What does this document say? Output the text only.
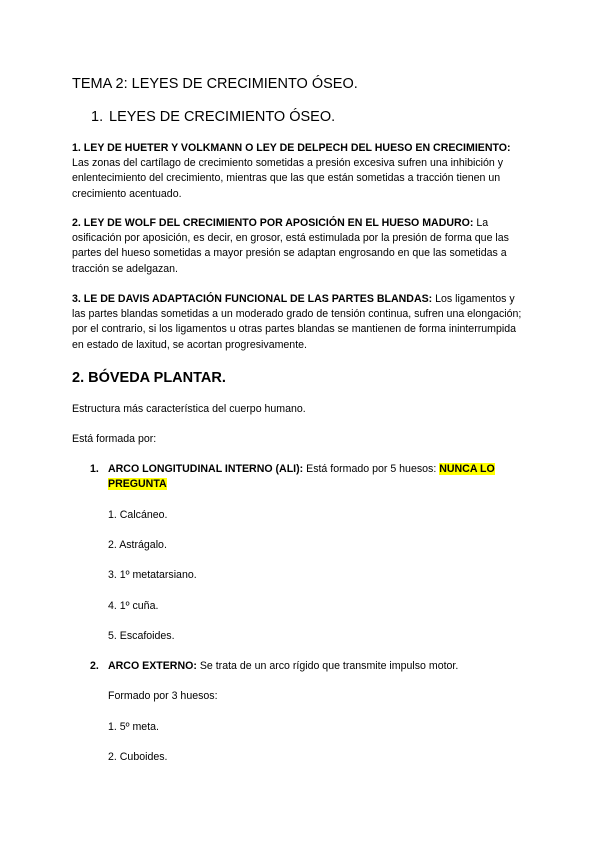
TEMA 2: LEYES DE CRECIMIENTO ÓSEO.
1. LEYES DE CRECIMIENTO ÓSEO.
1. LEY DE HUETER Y VOLKMANN O LEY DE DELPECH DEL HUESO EN CRECIMIENTO: Las zonas del cartílago de crecimiento sometidas a presión excesiva sufren una inhibición y enlentecimiento del crecimiento, mientras que las que están sometidas a tracción tienen un crecimiento acentuado.
2. LEY DE WOLF DEL CRECIMIENTO POR APOSICIÓN EN EL HUESO MADURO: La osificación por aposición, es decir, en grosor, está estimulada por la presión de forma que las partes del hueso sometidas a mayor presión se adaptan engrosando en que las sometidas a tracción se adelgazan.
3. LE DE DAVIS ADAPTACIÓN FUNCIONAL DE LAS PARTES BLANDAS: Los ligamentos y las partes blandas sometidas a un moderado grado de tensión continua, sufren una elongación; por el contrario, si los ligamentos u otras partes blandas se mantienen de forma ininterrumpida en estado de laxitud, se acortan progresivamente.
2. BÓVEDA PLANTAR.
Estructura más característica del cuerpo humano.
Está formada por:
1. ARCO LONGITUDINAL INTERNO (ALI): Está formado por 5 huesos: NUNCA LO
PREGUNTA
1. Calcáneo.
2. Astrágalo.
3. 1º metatarsiano.
4. 1º cuña.
5. Escafoides.
2. ARCO EXTERNO: Se trata de un arco rígido que transmite impulso motor.
Formado por 3 huesos:
1. 5º meta.
2. Cuboides.
